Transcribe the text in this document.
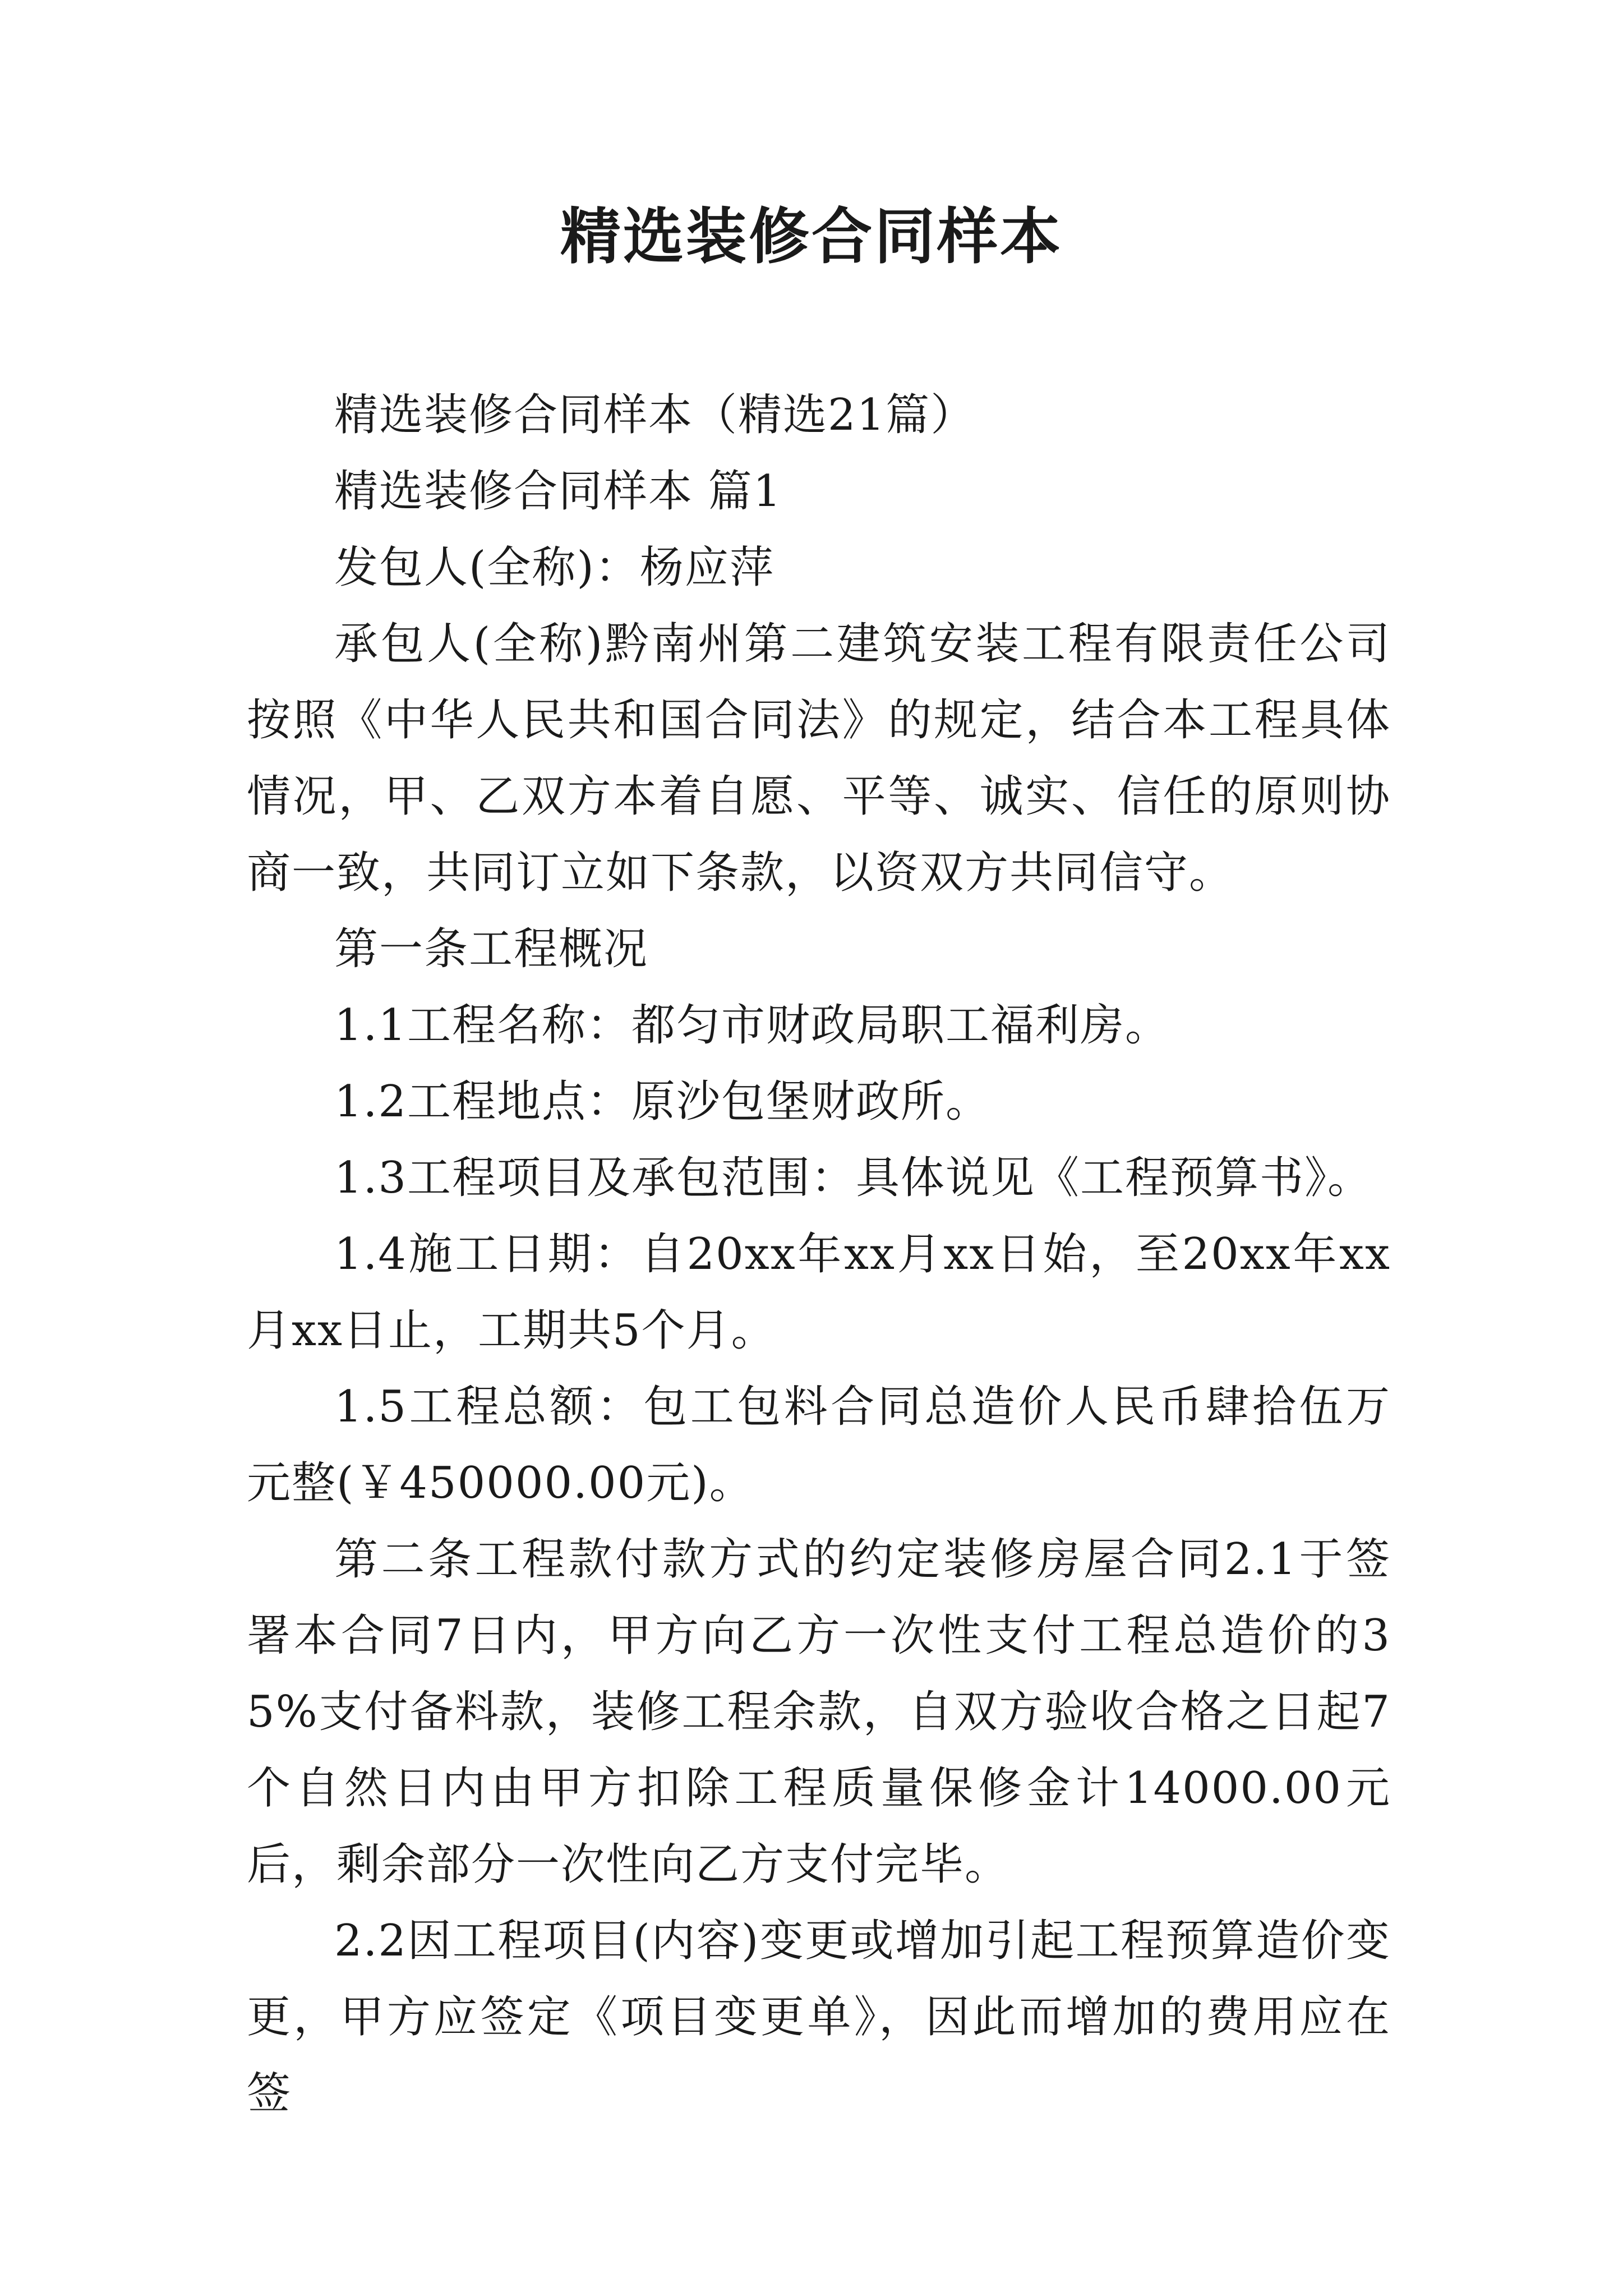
精选装修合同样本

精选装修合同样本（精选21篇）

精选装修合同样本 篇1

发包人(全称)：杨应萍

承包人(全称)黔南州第二建筑安装工程有限责任公司按照《中华人民共和国合同法》的规定，结合本工程具体情况，甲、乙双方本着自愿、平等、诚实、信任的原则协商一致，共同订立如下条款，以资双方共同信守。

第一条工程概况

1.1工程名称：都匀市财政局职工福利房。

1.2工程地点：原沙包堡财政所。

1.3工程项目及承包范围：具体说见《工程预算书》。

1.4施工日期：自20xx年xx月xx日始，至20xx年xx月xx日止，工期共5个月。

1.5工程总额：包工包料合同总造价人民币肆拾伍万元整(￥450000.00元)。

第二条工程款付款方式的约定装修房屋合同2.1于签署本合同7日内，甲方向乙方一次性支付工程总造价的35%支付备料款，装修工程余款，自双方验收合格之日起7个自然日内由甲方扣除工程质量保修金计14000.00元后，剩余部分一次性向乙方支付完毕。

2.2因工程项目(内容)变更或增加引起工程预算造价变更，甲方应签定《项目变更单》，因此而增加的费用应在签
